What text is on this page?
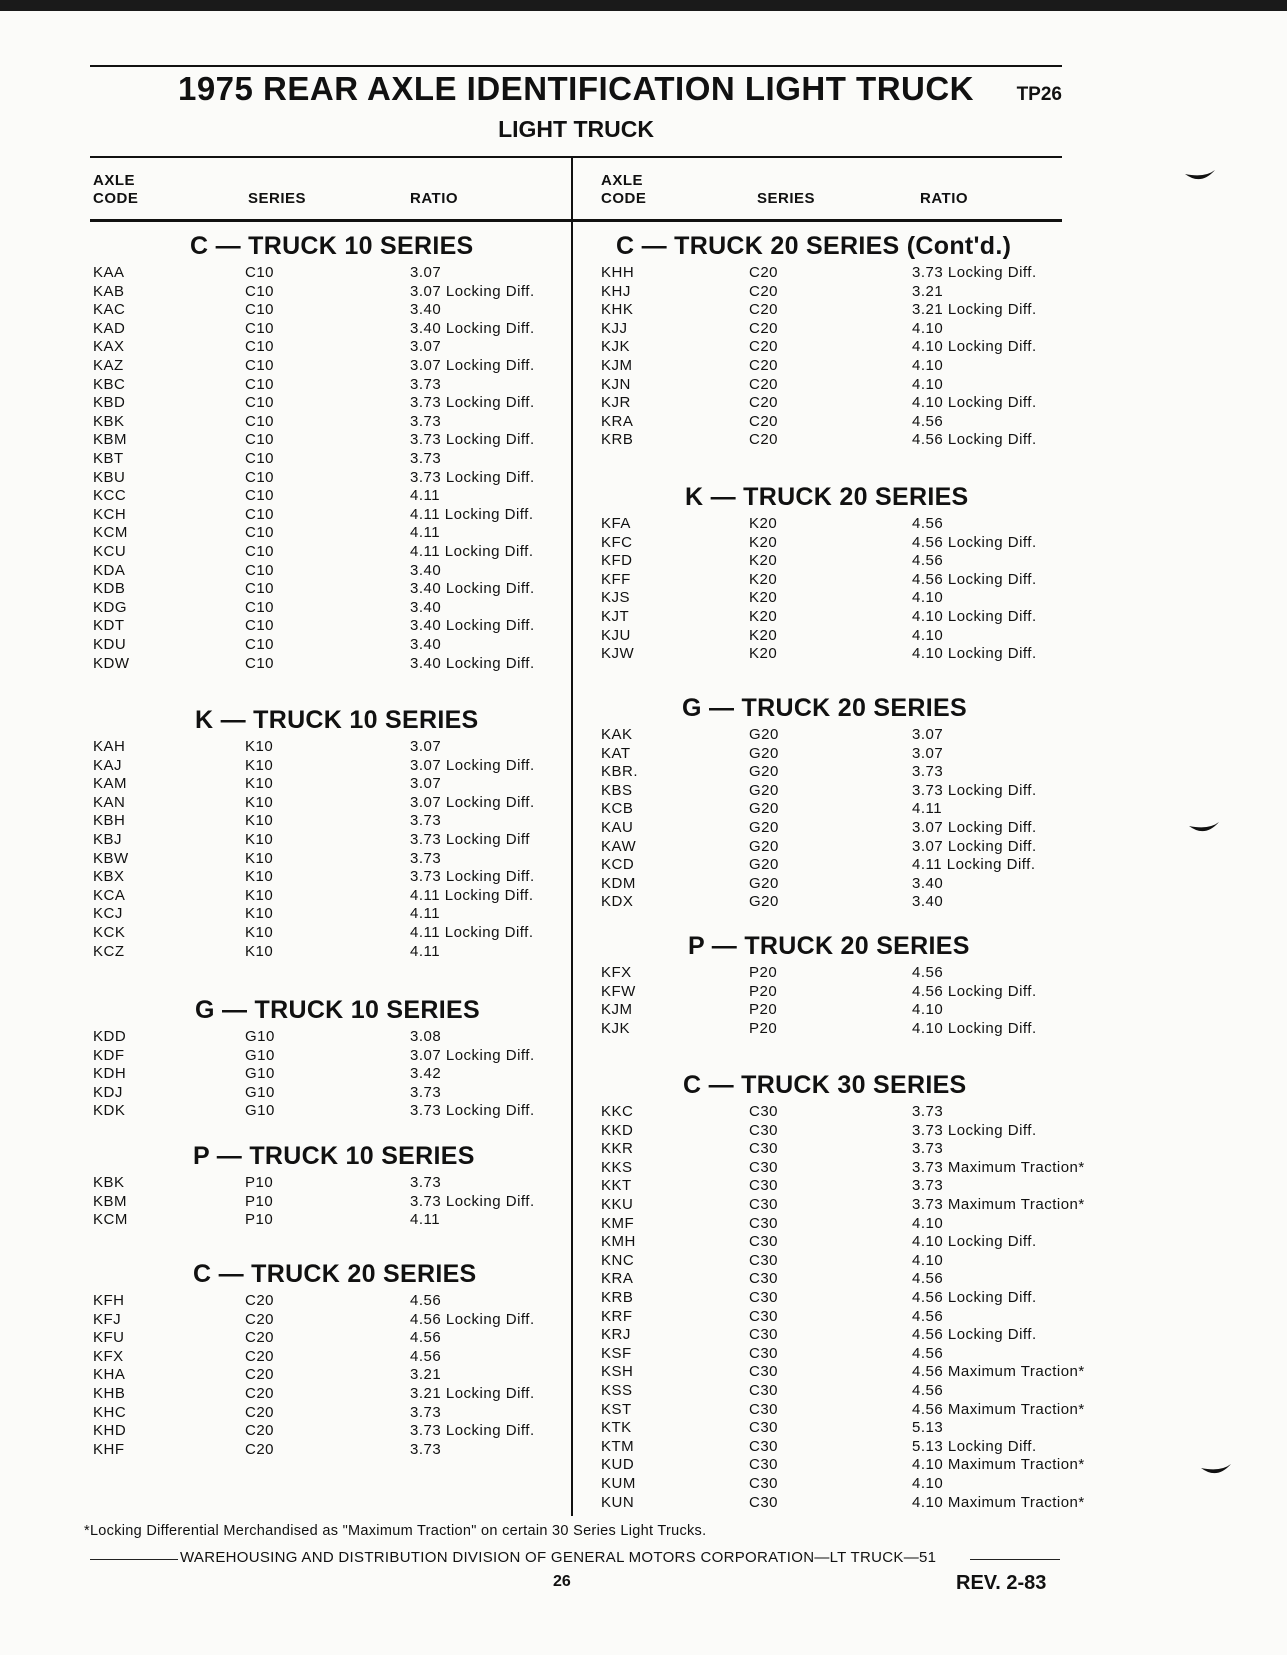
1975 REAR AXLE IDENTIFICATION LIGHT TRUCK TP26
LIGHT TRUCK
AXLE
CODE	SERIES	RATIO
AXLE
CODE	SERIES	RATIO
C — TRUCK 10 SERIES
KAA	C10	3.07
KAB	C10	3.07 Locking Diff.
KAC	C10	3.40
KAD	C10	3.40 Locking Diff.
KAX	C10	3.07
KAZ	C10	3.07 Locking Diff.
KBC	C10	3.73
KBD	C10	3.73 Locking Diff.
KBK	C10	3.73
KBM	C10	3.73 Locking Diff.
KBT	C10	3.73
KBU	C10	3.73 Locking Diff.
KCC	C10	4.11
KCH	C10	4.11 Locking Diff.
KCM	C10	4.11
KCU	C10	4.11 Locking Diff.
KDA	C10	3.40
KDB	C10	3.40 Locking Diff.
KDG	C10	3.40
KDT	C10	3.40 Locking Diff.
KDU	C10	3.40
KDW	C10	3.40 Locking Diff.
K — TRUCK 10 SERIES
KAH	K10	3.07
KAJ	K10	3.07 Locking Diff.
KAM	K10	3.07
KAN	K10	3.07 Locking Diff.
KBH	K10	3.73
KBJ	K10	3.73 Locking Diff
KBW	K10	3.73
KBX	K10	3.73 Locking Diff.
KCA	K10	4.11 Locking Diff.
KCJ	K10	4.11
KCK	K10	4.11 Locking Diff.
KCZ	K10	4.11
G — TRUCK 10 SERIES
KDD	G10	3.08
KDF	G10	3.07 Locking Diff.
KDH	G10	3.42
KDJ	G10	3.73
KDK	G10	3.73 Locking Diff.
P — TRUCK 10 SERIES
KBK	P10	3.73
KBM	P10	3.73 Locking Diff.
KCM	P10	4.11
C — TRUCK 20 SERIES
KFH	C20	4.56
KFJ	C20	4.56 Locking Diff.
KFU	C20	4.56
KFX	C20	4.56
KHA	C20	3.21
KHB	C20	3.21 Locking Diff.
KHC	C20	3.73
KHD	C20	3.73 Locking Diff.
KHF	C20	3.73
C — TRUCK 20 SERIES (Cont'd.)
KHH	C20	3.73 Locking Diff.
KHJ	C20	3.21
KHK	C20	3.21 Locking Diff.
KJJ	C20	4.10
KJK	C20	4.10 Locking Diff.
KJM	C20	4.10
KJN	C20	4.10
KJR	C20	4.10 Locking Diff.
KRA	C20	4.56
KRB	C20	4.56 Locking Diff.
K — TRUCK 20 SERIES
KFA	K20	4.56
KFC	K20	4.56 Locking Diff.
KFD	K20	4.56
KFF	K20	4.56 Locking Diff.
KJS	K20	4.10
KJT	K20	4.10 Locking Diff.
KJU	K20	4.10
KJW	K20	4.10 Locking Diff.
G — TRUCK 20 SERIES
KAK	G20	3.07
KAT	G20	3.07
KBR.	G20	3.73
KBS	G20	3.73 Locking Diff.
KCB	G20	4.11
KAU	G20	3.07 Locking Diff.
KAW	G20	3.07 Locking Diff.
KCD	G20	4.11 Locking Diff.
KDM	G20	3.40
KDX	G20	3.40
P — TRUCK 20 SERIES
KFX	P20	4.56
KFW	P20	4.56 Locking Diff.
KJM	P20	4.10
KJK	P20	4.10 Locking Diff.
C — TRUCK 30 SERIES
KKC	C30	3.73
KKD	C30	3.73 Locking Diff.
KKR	C30	3.73
KKS	C30	3.73 Maximum Traction*
KKT	C30	3.73
KKU	C30	3.73 Maximum Traction*
KMF	C30	4.10
KMH	C30	4.10 Locking Diff.
KNC	C30	4.10
KRA	C30	4.56
KRB	C30	4.56 Locking Diff.
KRF	C30	4.56
KRJ	C30	4.56 Locking Diff.
KSF	C30	4.56
KSH	C30	4.56 Maximum Traction*
KSS	C30	4.56
KST	C30	4.56 Maximum Traction*
KTK	C30	5.13
KTM	C30	5.13 Locking Diff.
KUD	C30	4.10 Maximum Traction*
KUM	C30	4.10
KUN	C30	4.10 Maximum Traction*
*Locking Differential Merchandised as "Maximum Traction" on certain 30 Series Light Trucks.
WAREHOUSING AND DISTRIBUTION DIVISION OF GENERAL MOTORS CORPORATION—LT TRUCK—51
26	REV. 2-83
